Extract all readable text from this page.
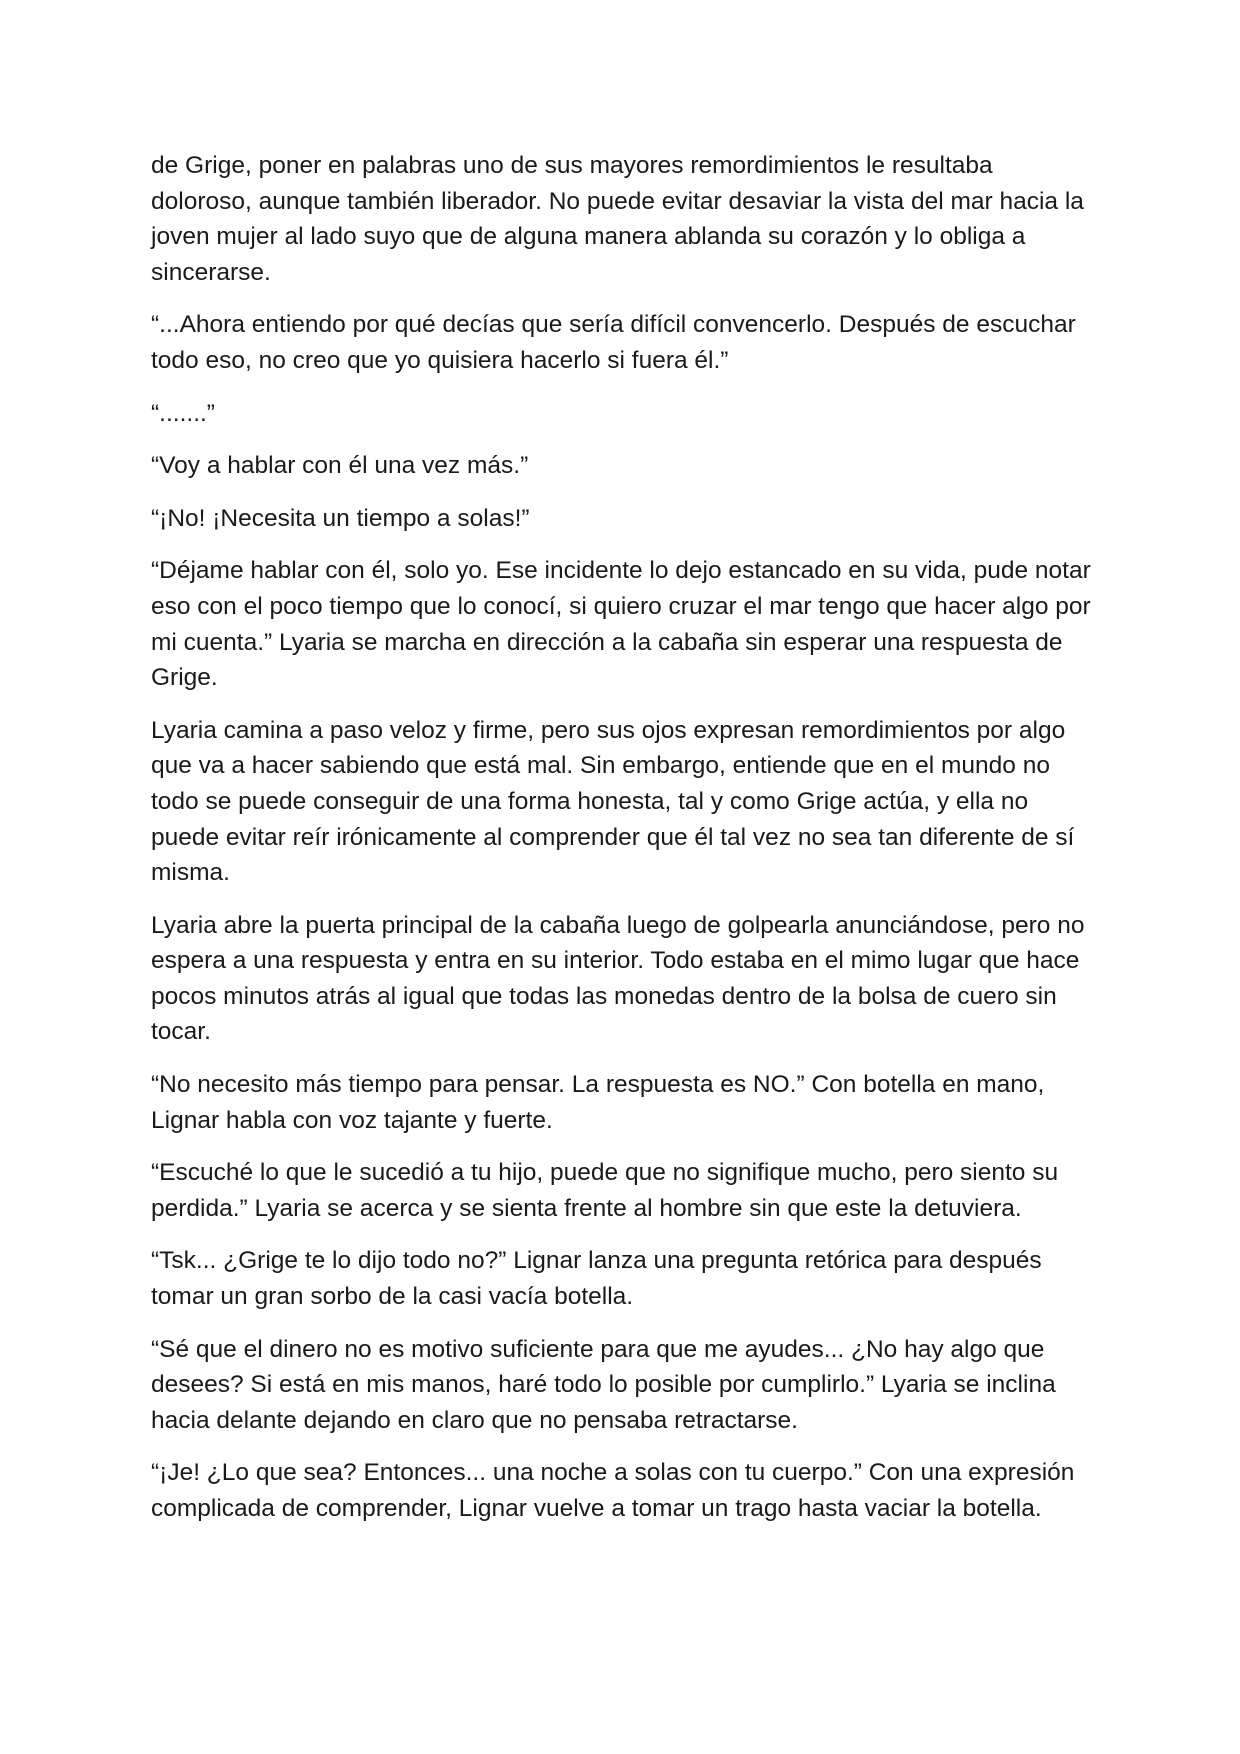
de Grige, poner en palabras uno de sus mayores remordimientos le resultaba doloroso, aunque también liberador. No puede evitar desaviar la vista del mar hacia la joven mujer al lado suyo que de alguna manera ablanda su corazón y lo obliga a sincerarse.

“...Ahora entiendo por qué decías que sería difícil convencerlo. Después de escuchar todo eso, no creo que yo quisiera hacerlo si fuera él.”

“.......”

“Voy a hablar con él una vez más.”

“¡No! ¡Necesita un tiempo a solas!”

“Déjame hablar con él, solo yo. Ese incidente lo dejo estancado en su vida, pude notar eso con el poco tiempo que lo conocí, si quiero cruzar el mar tengo que hacer algo por mi cuenta.” Lyaria se marcha en dirección a la cabaña sin esperar una respuesta de Grige.

Lyaria camina a paso veloz y firme, pero sus ojos expresan remordimientos por algo que va a hacer sabiendo que está mal. Sin embargo, entiende que en el mundo no todo se puede conseguir de una forma honesta, tal y como Grige actúa, y ella no puede evitar reír irónicamente al comprender que él tal vez no sea tan diferente de sí misma.

Lyaria abre la puerta principal de la cabaña luego de golpearla anunciándose, pero no espera a una respuesta y entra en su interior. Todo estaba en el mimo lugar que hace pocos minutos atrás al igual que todas las monedas dentro de la bolsa de cuero sin tocar.

“No necesito más tiempo para pensar. La respuesta es NO.” Con botella en mano, Lignar habla con voz tajante y fuerte.

“Escuché lo que le sucedió a tu hijo, puede que no signifique mucho, pero siento su perdida.” Lyaria se acerca y se sienta frente al hombre sin que este la detuviera.

“Tsk... ¿Grige te lo dijo todo no?” Lignar lanza una pregunta retórica para después tomar un gran sorbo de la casi vacía botella.

“Sé que el dinero no es motivo suficiente para que me ayudes... ¿No hay algo que desees? Si está en mis manos, haré todo lo posible por cumplirlo.” Lyaria se inclina hacia delante dejando en claro que no pensaba retractarse.

“¡Je! ¿Lo que sea? Entonces... una noche a solas con tu cuerpo.” Con una expresión complicada de comprender, Lignar vuelve a tomar un trago hasta vaciar la botella.
